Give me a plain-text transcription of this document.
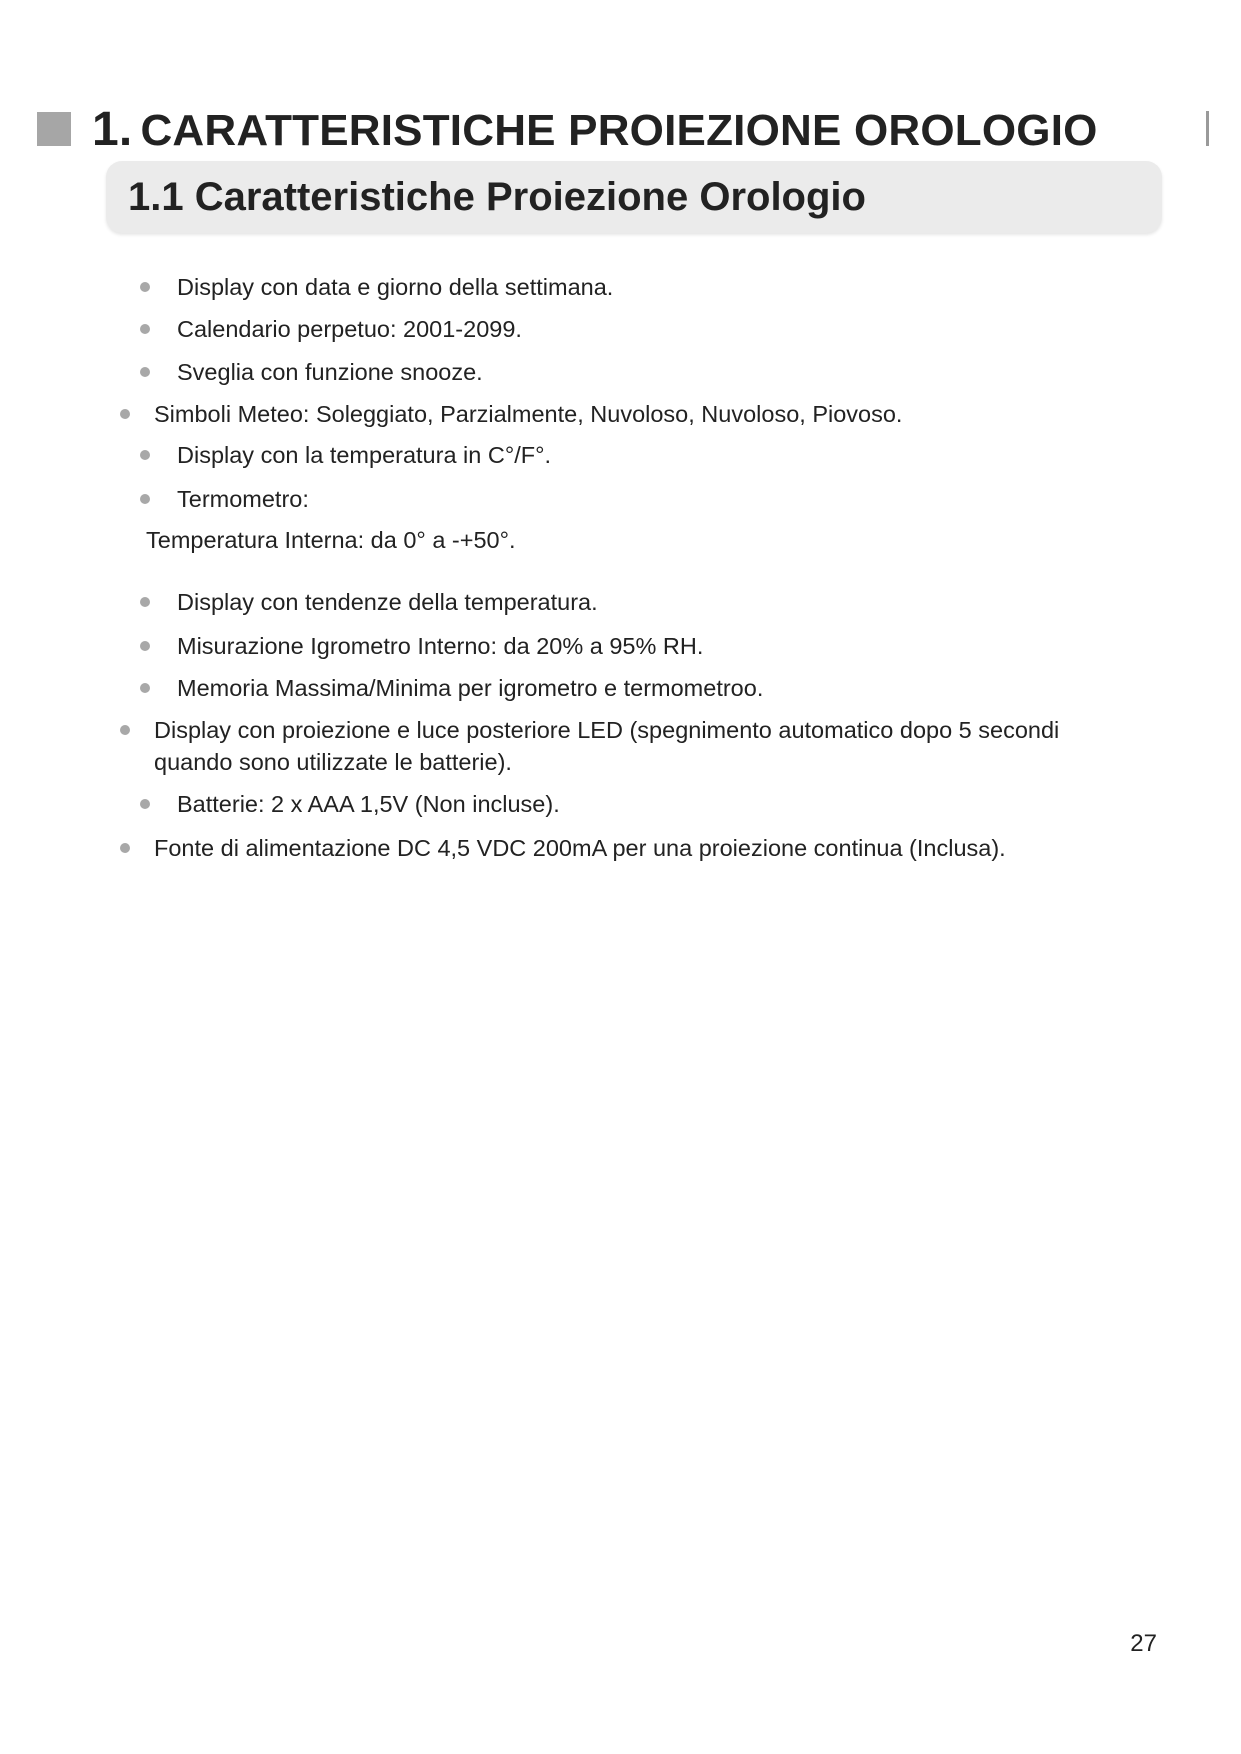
1. CARATTERISTICHE PROIEZIONE OROLOGIO
1.1 Caratteristiche Proiezione Orologio
Display con data e giorno della settimana.
Calendario perpetuo: 2001-2099.
Sveglia con funzione snooze.
Simboli Meteo: Soleggiato, Parzialmente, Nuvoloso, Nuvoloso, Piovoso.
Display con la temperatura in C°/F°.
Termometro:
Temperatura Interna: da 0° a -+50°.
Display con tendenze della temperatura.
Misurazione Igrometro Interno: da 20% a 95% RH.
Memoria Massima/Minima per igrometro e termometroo.
Display con proiezione e luce posteriore LED (spegnimento automatico dopo 5 secondi
quando sono utilizzate le batterie).
Batterie: 2 x AAA 1,5V (Non incluse).
Fonte di alimentazione DC 4,5 VDC 200mA per una proiezione continua (Inclusa).
27
